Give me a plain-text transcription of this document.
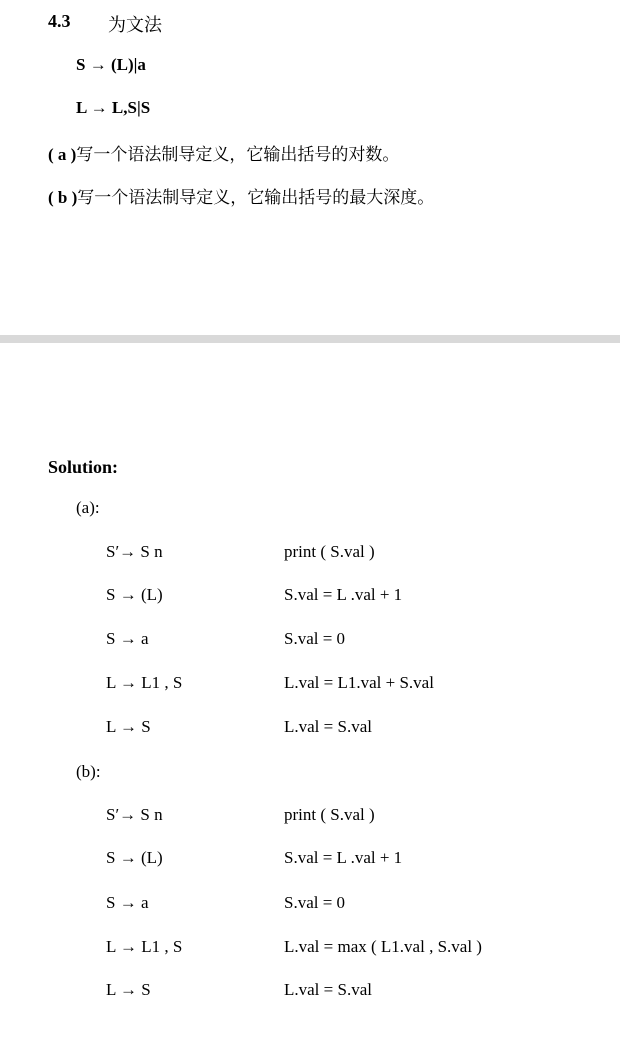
4.3 为文法
S → (L)|a
L → L,S|S
( a )写一个语法制导定义，它输出括号的对数。
( b )写一个语法制导定义，它输出括号的最大深度。
Solution:
(a):
S′→ S n	print ( S.val )
S → (L)	S.val = L .val + 1
S → a	S.val = 0
L → L1 , S	L.val = L1.val + S.val
L → S	L.val = S.val
(b):
S′→ S n	print ( S.val )
S → (L)	S.val = L .val + 1
S → a	S.val = 0
L → L1 , S	L.val = max ( L1.val , S.val )
L → S	L.val = S.val
